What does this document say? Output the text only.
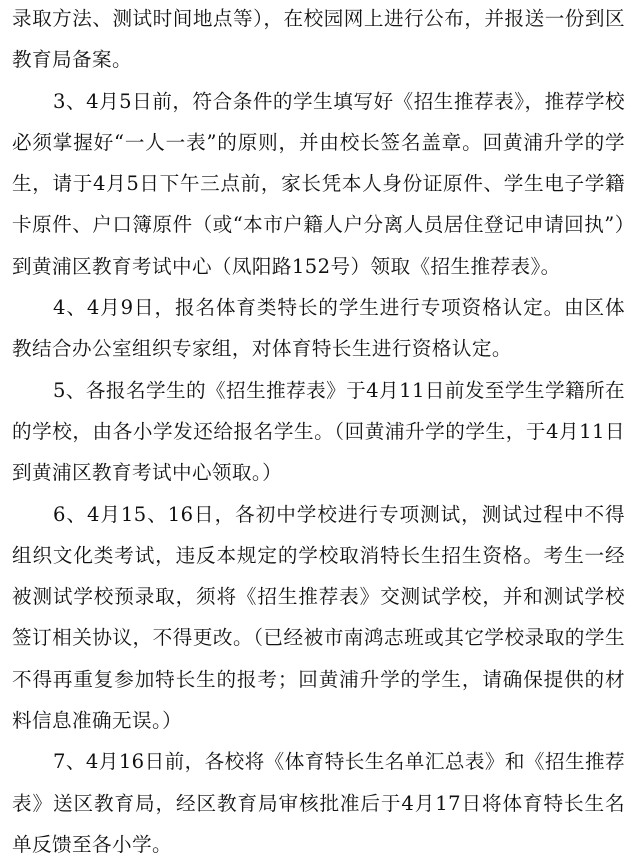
录取方法、测试时间地点等），在校园网上进行公布，并报送一份到区教育局备案。

3、4月5日前，符合条件的学生填写好《招生推荐表》，推荐学校必须掌握好“一人一表”的原则，并由校长签名盖章。回黄浦升学的学生，请于4月5日下午三点前，家长凭本人身份证原件、学生电子学籍卡原件、户口簿原件（或“本市户籍人户分离人员居住登记申请回执”）到黄浦区教育考试中心（凤阳路152号）领取《招生推荐表》。

4、4月9日，报名体育类特长的学生进行专项资格认定。由区体教结合办公室组织专家组，对体育特长生进行资格认定。

5、各报名学生的《招生推荐表》于4月11日前发至学生学籍所在的学校，由各小学发还给报名学生。（回黄浦升学的学生，于4月11日到黄浦区教育考试中心领取。）

6、4月15、16日，各初中学校进行专项测试，测试过程中不得组织文化类考试，违反本规定的学校取消特长生招生资格。考生一经被测试学校预录取，须将《招生推荐表》交测试学校，并和测试学校签订相关协议，不得更改。（已经被市南鸿志班或其它学校录取的学生不得再重复参加特长生的报考；回黄浦升学的学生，请确保提供的材料信息准确无误。）

7、4月16日前，各校将《体育特长生名单汇总表》和《招生推荐表》送区教育局，经区教育局审核批准后于4月17日将体育特长生名单反馈至各小学。
